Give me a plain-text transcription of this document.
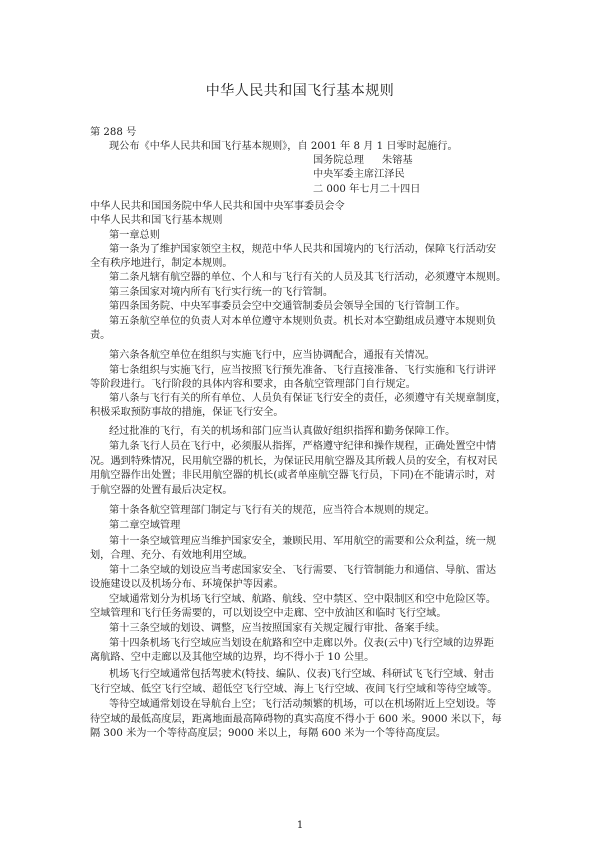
中华人民共和国飞行基本规则
第 288 号
现公布《中华人民共和国飞行基本规则》，自 2001 年 8 月 1 日零时起施行。
国务院总理 朱镕基
中央军委主席江泽民
二 000 年七月二十四日
中华人民共和国国务院中华人民共和国中央军事委员会令
中华人民共和国飞行基本规则
第一章总则
第一条为了维护国家领空主权，规范中华人民共和国境内的飞行活动，保障飞行活动安
全有秩序地进行，制定本规则。
第二条凡辖有航空器的单位、个人和与飞行有关的人员及其飞行活动，必须遵守本规则。
第三条国家对境内所有飞行实行统一的飞行管制。
第四条国务院、中央军事委员会空中交通管制委员会领导全国的飞行管制工作。
第五条航空单位的负责人对本单位遵守本规则负责。机长对本空勤组成员遵守本规则负
责。
第六条各航空单位在组织与实施飞行中，应当协调配合，通报有关情况。
第七条组织与实施飞行，应当按照飞行预先准备、飞行直接准备、飞行实施和飞行讲评
等阶段进行。飞行阶段的具体内容和要求，由各航空管理部门自行规定。
第八条与飞行有关的所有单位、人员负有保证飞行安全的责任，必须遵守有关规章制度，
积极采取预防事故的措施，保证飞行安全。
经过批准的飞行，有关的机场和部门应当认真做好组织指挥和勤务保障工作。
第九条飞行人员在飞行中，必须服从指挥，严格遵守纪律和操作规程，正确处置空中情
况。遇到特殊情况，民用航空器的机长，为保证民用航空器及其所载人员的安全，有权对民
用航空器作出处置；非民用航空器的机长(或者单座航空器飞行员，下同)在不能请示时，对
于航空器的处置有最后决定权。
第十条各航空管理部门制定与飞行有关的规范，应当符合本规则的规定。
第二章空域管理
第十一条空域管理应当维护国家安全，兼顾民用、军用航空的需要和公众利益，统一规
划，合理、充分、有效地利用空域。
第十二条空域的划设应当考虑国家安全、飞行需要、飞行管制能力和通信、导航、雷达
设施建设以及机场分布、环境保护等因素。
空域通常划分为机场飞行空域、航路、航线、空中禁区、空中限制区和空中危险区等。
空域管理和飞行任务需要的，可以划设空中走廊、空中放油区和临时飞行空域。
第十三条空域的划设、调整，应当按照国家有关规定履行审批、备案手续。
第十四条机场飞行空域应当划设在航路和空中走廊以外。仪表(云中)飞行空域的边界距
离航路、空中走廊以及其他空域的边界，均不得小于 10 公里。
机场飞行空域通常包括驾驶术(特技、编队、仪表)飞行空域、科研试飞飞行空域、射击
飞行空域、低空飞行空域、超低空飞行空域、海上飞行空域、夜间飞行空域和等待空域等。
等待空域通常划设在导航台上空；飞行活动频繁的机场，可以在机场附近上空划设。等
待空域的最低高度层，距离地面最高障碍物的真实高度不得小于 600 米。9000 米以下，每
隔 300 米为一个等待高度层；9000 米以上，每隔 600 米为一个等待高度层。
1
